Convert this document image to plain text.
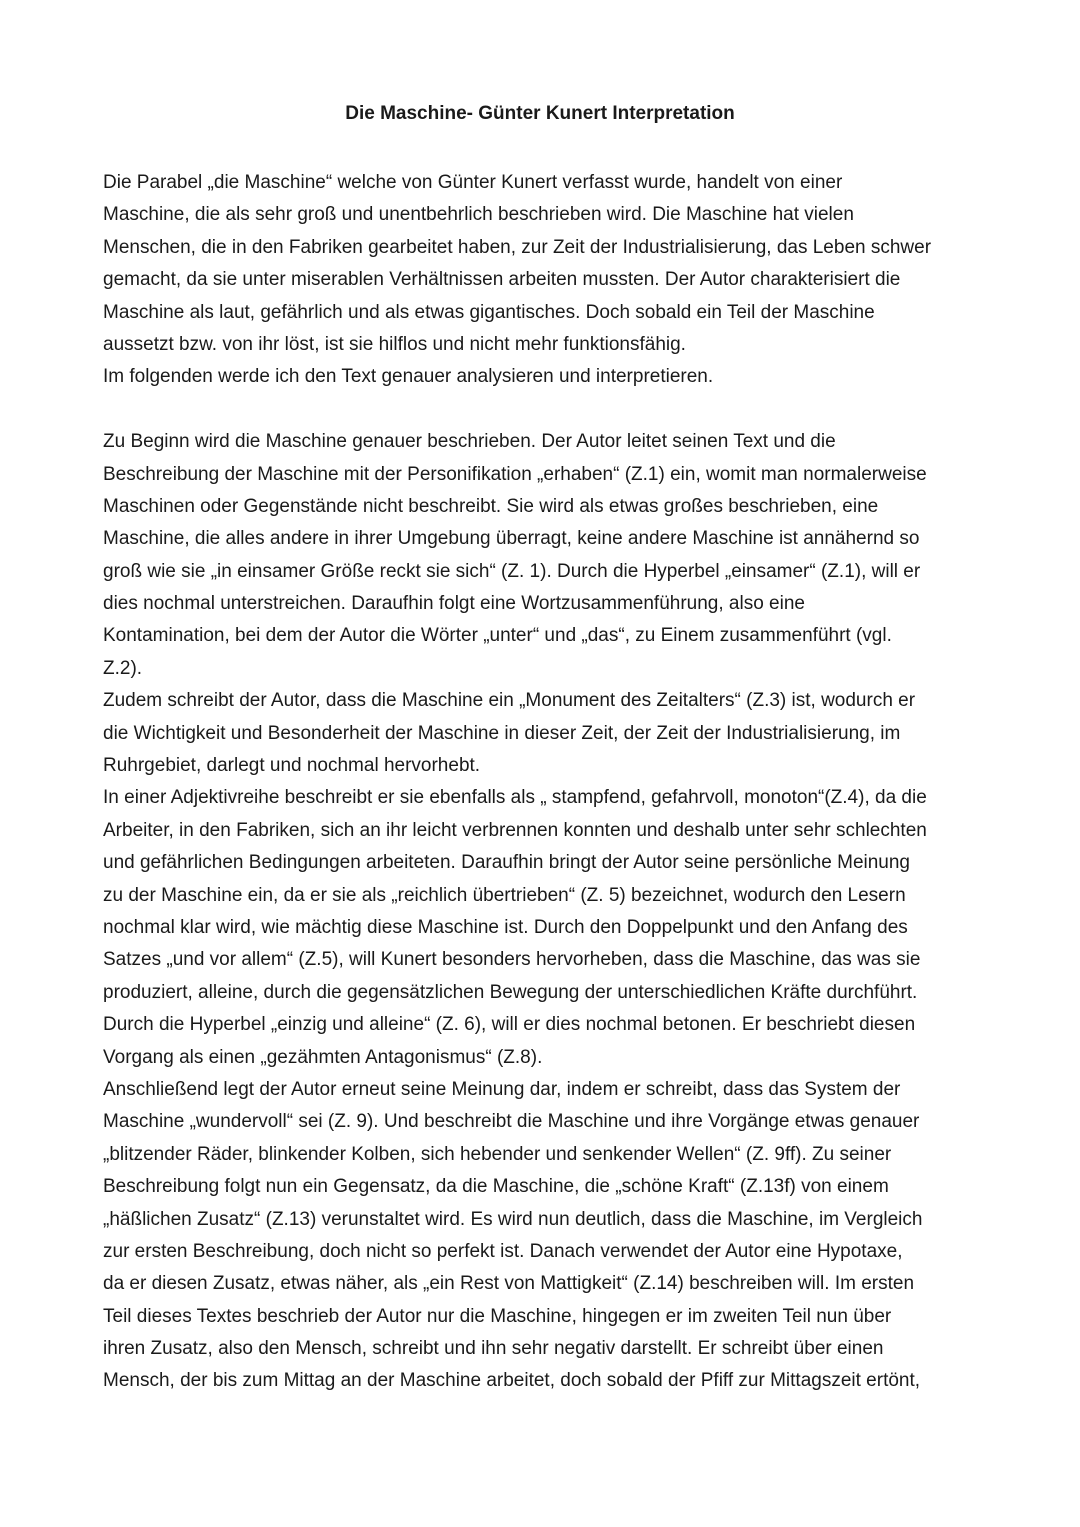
Die Maschine- Günter Kunert Interpretation
Die Parabel „die Maschine“ welche von Günter Kunert verfasst wurde, handelt von einer
Maschine, die als sehr groß und unentbehrlich beschrieben wird. Die Maschine hat vielen
Menschen, die in den Fabriken gearbeitet haben, zur Zeit der Industrialisierung, das Leben schwer
gemacht, da sie unter miserablen Verhältnissen arbeiten mussten. Der Autor charakterisiert die
Maschine als laut, gefährlich und als etwas gigantisches. Doch sobald ein Teil der Maschine
aussetzt bzw. von ihr löst, ist sie hilflos und nicht mehr funktionsfähig.
Im folgenden werde ich den Text genauer analysieren und interpretieren.
Zu Beginn wird die Maschine genauer beschrieben. Der Autor leitet seinen Text und die
Beschreibung der Maschine mit der Personifikation „erhaben“ (Z.1) ein, womit man normalerweise
Maschinen oder Gegenstände nicht beschreibt. Sie wird als etwas großes beschrieben, eine
Maschine, die alles andere in ihrer Umgebung überragt, keine andere Maschine ist annähernd so
groß wie sie „in einsamer Größe reckt sie sich“ (Z. 1). Durch die Hyperbel „einsamer“ (Z.1), will er
dies nochmal unterstreichen. Daraufhin folgt eine Wortzusammenführung, also eine
Kontamination, bei dem der Autor die Wörter „unter“ und „das“, zu Einem zusammenführt (vgl.
Z.2).
Zudem schreibt der Autor, dass die Maschine ein „Monument des Zeitalters“ (Z.3) ist, wodurch er
die Wichtigkeit und Besonderheit der Maschine in dieser Zeit, der Zeit der Industrialisierung, im
Ruhrgebiet, darlegt und nochmal hervorhebt.
In einer Adjektivreihe beschreibt er sie ebenfalls als „ stampfend, gefahrvoll, monoton“(Z.4), da die
Arbeiter, in den Fabriken, sich an ihr leicht verbrennen konnten und deshalb unter sehr schlechten
und gefährlichen Bedingungen arbeiteten. Daraufhin bringt der Autor seine persönliche Meinung
zu der Maschine ein, da er sie als „reichlich übertrieben“ (Z. 5) bezeichnet, wodurch den Lesern
nochmal klar wird, wie mächtig diese Maschine ist. Durch den Doppelpunkt und den Anfang des
Satzes „und vor allem“ (Z.5), will Kunert besonders hervorheben, dass die Maschine, das was sie
produziert, alleine, durch die gegensätzlichen Bewegung der unterschiedlichen Kräfte durchführt.
Durch die Hyperbel „einzig und alleine“ (Z. 6), will er dies nochmal betonen. Er beschriebt diesen
Vorgang als einen „gezähmten Antagonismus“ (Z.8).
Anschließend legt der Autor erneut seine Meinung dar, indem er schreibt, dass das System der
Maschine „wundervoll“ sei (Z. 9). Und beschreibt die Maschine und ihre Vorgänge etwas genauer
„blitzender Räder, blinkender Kolben, sich hebender und senkender Wellen“ (Z. 9ff). Zu seiner
Beschreibung folgt nun ein Gegensatz, da die Maschine, die „schöne Kraft“ (Z.13f) von einem
„häßlichen Zusatz“ (Z.13) verunstaltet wird. Es wird nun deutlich, dass die Maschine, im Vergleich
zur ersten Beschreibung, doch nicht so perfekt ist. Danach verwendet der Autor eine Hypotaxe,
da er diesen Zusatz, etwas näher, als „ein Rest von Mattigkeit“ (Z.14) beschreiben will. Im ersten
Teil dieses Textes beschrieb der Autor nur die Maschine, hingegen er im zweiten Teil nun über
ihren Zusatz, also den Mensch, schreibt und ihn sehr negativ darstellt. Er schreibt über einen
Mensch, der bis zum Mittag an der Maschine arbeitet, doch sobald der Pfiff zur Mittagszeit ertönt,
